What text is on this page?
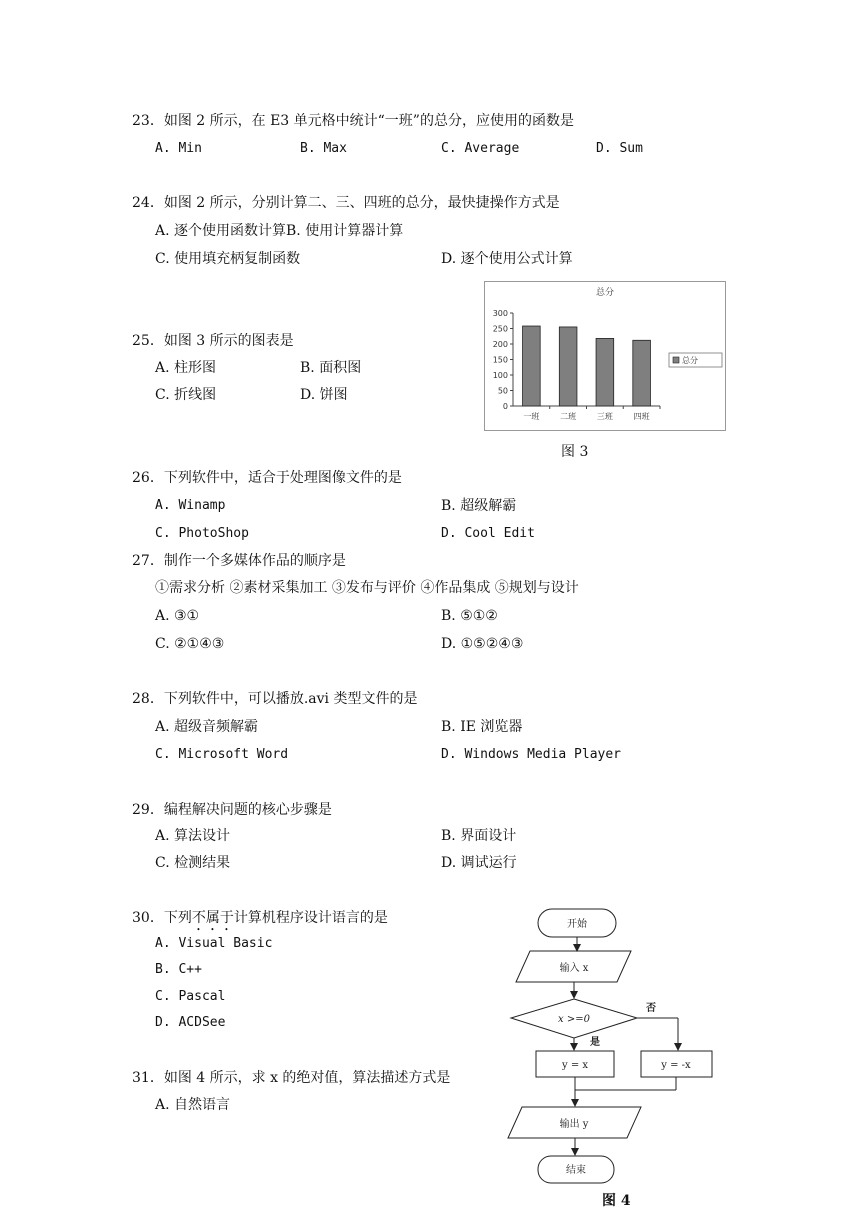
23．如图 2 所示，在 E3 单元格中统计“一班”的总分，应使用的函数是
A. Min	B. Max	C. Average	D. Sum
24．如图 2 所示，分别计算二、三、四班的总分，最快捷操作方式是
A. 逐个使用函数计算B. 使用计算器计算
C. 使用填充柄复制函数	D. 逐个使用公式计算
25．如图 3 所示的图表是
A. 柱形图	B. 面积图
C. 折线图	D. 饼图
总分
0
50
100
150
200
250
300
一班	二班	三班	四班
总分
图 3
26．下列软件中，适合于处理图像文件的是
A. Winamp	B. 超级解霸
C. PhotoShop	D. Cool Edit
27．制作一个多媒体作品的顺序是
①需求分析 ②素材采集加工 ③发布与评价 ④作品集成 ⑤规划与设计
A. ③①	B. ⑤①②
C. ②①④③	D. ①⑤②④③
28．下列软件中，可以播放.avi 类型文件的是
A. 超级音频解霸	B. IE 浏览器
C. Microsoft Word	D. Windows Media Player
29．编程解决问题的核心步骤是
A. 算法设计	B. 界面设计
C. 检测结果	D. 调试运行
30．下列不属于计算机程序设计语言的是
A. Visual Basic
B. C++
C. Pascal
D. ACDSee
31．如图 4 所示，求 x 的绝对值，算法描述方式是
A. 自然语言
开始
输入 x
x >=0
否
是
y = x	y = -x
输出 y
结束
图 4
